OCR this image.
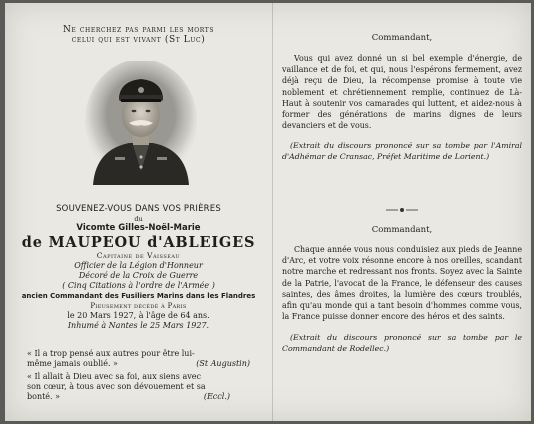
Ne cherchez pas parmi les morts
celui qui est vivant (St Luc)
SOUVENEZ-VOUS DANS VOS PRIÈRES
du
Vicomte Gilles-Noël-Marie
de MAUPEOU d'ABLEIGES
Capitaine de Vaisseau
Officier de la Légion d'Honneur
Décoré de la Croix de Guerre
( Cinq Citations à l'ordre de l'Armée )
ancien Commandant des Fusiliers Marins dans les Flandres
Pieusement décédé à Paris
le 20 Mars 1927, à l'âge de 64 ans.
Inhumé à Nantes le 25 Mars 1927.
« Il a trop pensé aux autres pour être lui-
même jamais oublié. »	(St Augustin)
« Il allait à Dieu avec sa foi, aux siens avec
son cœur, à tous avec son dévouement et sa
bonté. »	(Eccl.)
Commandant,

Vous qui avez donné un si bel exemple d'énergie, de vaillance et de foi, et qui, nous l'espérons fermement, avez déjà reçu de Dieu, la récompense promise à toute vie noblement et chrétiennement remplie, continuez de Là-Haut à soutenir vos camarades qui luttent, et aidez-nous à former des générations de marins dignes de leurs devanciers et de vous.

(Extrait du discours prononcé sur sa tombe par l'Amiral d'Adhémar de Cransac, Préfet Maritime de Lorient.)

Commandant,

Chaque année vous nous conduisiez aux pieds de Jeanne d'Arc, et votre voix résonne encore à nos oreilles, scandant notre marche et redressant nos fronts. Soyez avec la Sainte de la Patrie, l'avocat de la France, le défenseur des causes saintes, des âmes droites, la lumière des cœurs troublés, afin qu'au monde qui a tant besoin d'hommes comme vous, la France puisse donner encore des héros et des saints.

(Extrait du discours prononcé sur sa tombe par le Commandant de Rodellec.)
